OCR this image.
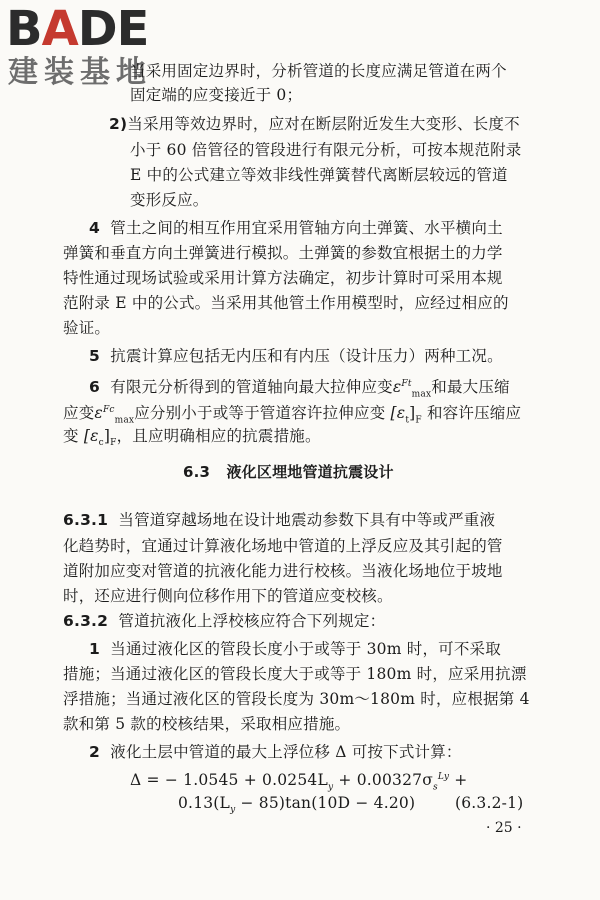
BADE
建装基地
当采用固定边界时，分析管道的长度应满足管道在两个
固定端的应变接近于 0；
2)当采用等效边界时，应对在断层附近发生大变形、长度不
小于 60 倍管径的管段进行有限元分析，可按本规范附录
E 中的公式建立等效非线性弹簧替代离断层较远的管道
变形反应。
4 管土之间的相互作用宜采用管轴方向土弹簧、水平横向土
弹簧和垂直方向土弹簧进行模拟。土弹簧的参数宜根据土的力学
特性通过现场试验或采用计算方法确定，初步计算时可采用本规
范附录 E 中的公式。当采用其他管土作用模型时，应经过相应的
验证。
5 抗震计算应包括无内压和有内压（设计压力）两种工况。
6 有限元分析得到的管道轴向最大拉伸应变$\varepsilon^{Ft}_{max}$和最大压缩
应变$\varepsilon^{Fc}_{max}$应分别小于或等于管道容许拉伸应变 $[\varepsilon_t]_F$ 和容许压缩应
变 $[\varepsilon_c]_F$，且应明确相应的抗震措施。
6.3 液化区埋地管道抗震设计
6.3.1 当管道穿越场地在设计地震动参数下具有中等或严重液
化趋势时，宜通过计算液化场地中管道的上浮反应及其引起的管
道附加应变对管道的抗液化能力进行校核。当液化场地位于坡地
时，还应进行侧向位移作用下的管道应变校核。
6.3.2 管道抗液化上浮校核应符合下列规定：
1 当通过液化区的管段长度小于或等于 30m 时，可不采取
措施；当通过液化区的管段长度大于或等于 180m 时，应采用抗漂
浮措施；当通过液化区的管段长度为 30m～180m 时，应根据第 4
款和第 5 款的校核结果，采取相应措施。
2 液化土层中管道的最大上浮位移 Δ 可按下式计算：
Δ = − $1.0545 + 0.0254L_y + 0.00327\sigma_s^{Ly}$ +
$0.13(L_y - 85)\tan(10D - 4.20)$	(6.3.2-1)
· 25 ·
